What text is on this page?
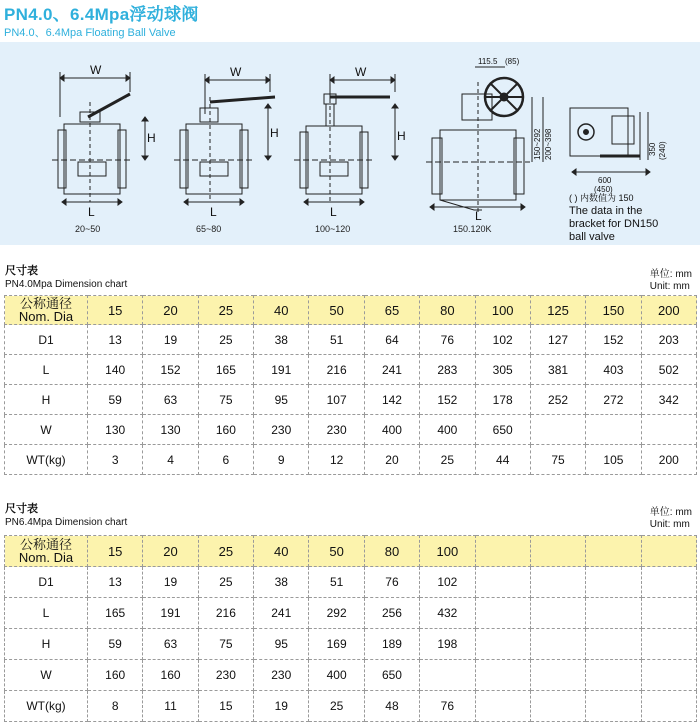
PN4.0、6.4Mpa浮动球阀
PN4.0、6.4Mpa Floating Ball Valve
W	W	W
H	H	H
L	L	L	L
115.5 (85)
150~292 200~398	350 (240)
600
(450)
20~50	65~80	100~120	150.120K
( ) 内数值为 150
The data in the
bracket for DN150
ball valve
尺寸表
PN4.0Mpa Dimension chart
单位: mm
Unit: mm
公称通径
Nom. Dia	15	20	25	40	50	65	80	100	125	150	200
D1	13	19	25	38	51	64	76	102	127	152	203
L	140	152	165	191	216	241	283	305	381	403	502
H	59	63	75	95	107	142	152	178	252	272	342
W	130	130	160	230	230	400	400	650			
WT(kg)	3	4	6	9	12	20	25	44	75	105	200
尺寸表
PN6.4Mpa Dimension chart
单位: mm
Unit: mm
公称通径
Nom. Dia	15	20	25	40	50	80	100				
D1	13	19	25	38	51	76	102				
L	165	191	216	241	292	256	432				
H	59	63	75	95	169	189	198				
W	160	160	230	230	400	650					
WT(kg)	8	11	15	19	25	48	76				
